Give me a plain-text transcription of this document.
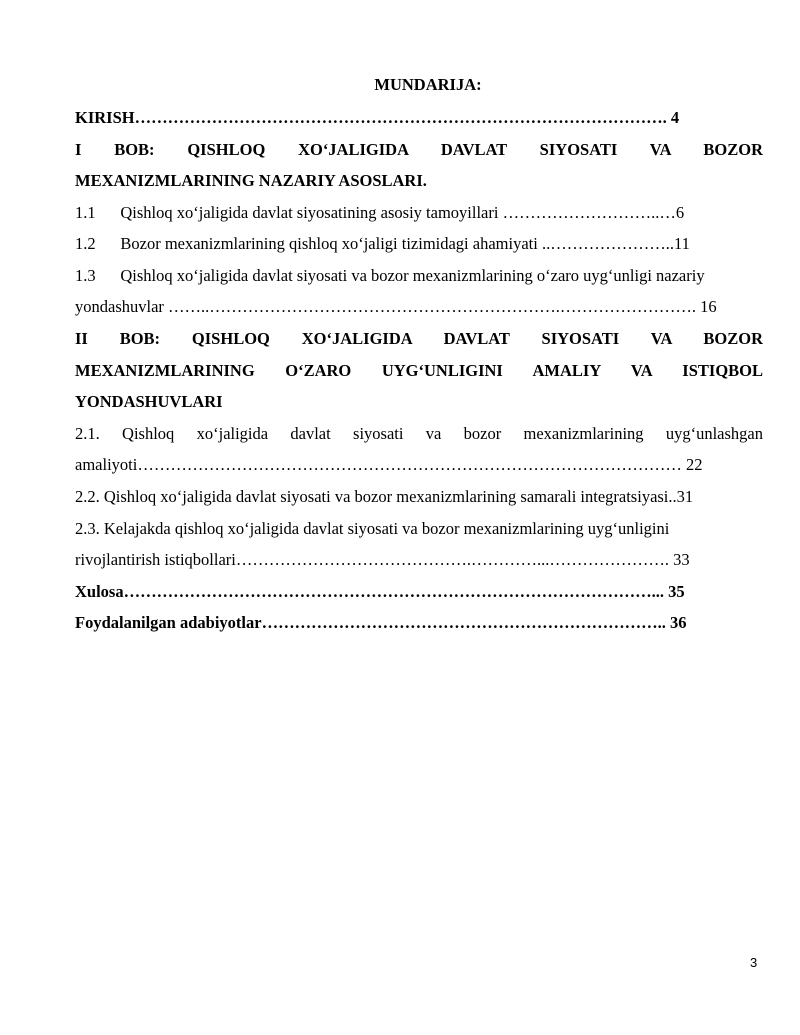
MUNDARIJA:
KIRISH……………………………………………………………………………………. 4
I BOB: QISHLOQ XO‘JALIGIDA DAVLAT SIYOSATI VA BOZOR
MEXANIZMLARINING NAZARIY ASOSLARI.
1.1      Qishloq xo‘jaligida davlat siyosatining asosiy tamoyillari ………………………..…6
1.2      Bozor mexanizmlarining qishloq xo‘jaligi tizimidagi ahamiyati ..…………………..11
1.3      Qishloq xo‘jaligida davlat siyosati va bozor mexanizmlarining o‘zaro uyg‘unligi nazariy
yondashuvlar ……..……………………………………………………….……………………. 16
II BOB: QISHLOQ XO‘JALIGIDA DAVLAT SIYOSATI VA BOZOR
MEXANIZMLARINING O‘ZARO UYG‘UNLIGINI AMALIY VA ISTIQBOL
YONDASHUVLARI
2.1. Qishloq xo‘jaligida davlat siyosati va bozor mexanizmlarining uyg‘unlashgan
amaliyoti……………………………………………………………………………………… 22
2.2. Qishloq xo‘jaligida davlat siyosati va bozor mexanizmlarining samarali integratsiyasi..31
2.3. Kelajakda qishloq xo‘jaligida davlat siyosati va bozor mexanizmlarining uyg‘unligini
rivojlantirish istiqbollari…………………………………….…………...…………………. 33
Xulosa……………………………………………………………………………………... 35
Foydalanilgan adabiyotlar……………………………………………………………….. 36
3
